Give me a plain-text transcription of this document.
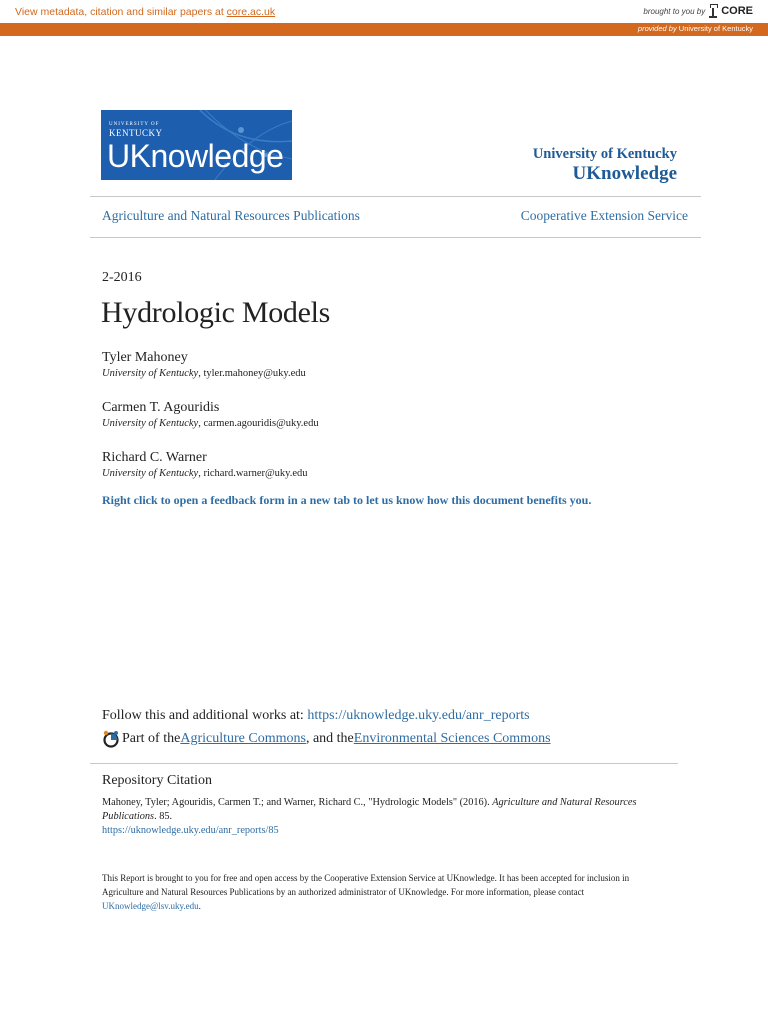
View metadata, citation and similar papers at core.ac.uk	brought to you by CORE
provided by University of Kentucky
UNIVERSITY OF
KENTUCKY
UKnowledge	University of Kentucky
UKnowledge
Agriculture and Natural Resources Publications	Cooperative Extension Service
2-2016
Hydrologic Models
Tyler Mahoney
University of Kentucky, tyler.mahoney@uky.edu
Carmen T. Agouridis
University of Kentucky, carmen.agouridis@uky.edu
Richard C. Warner
University of Kentucky, richard.warner@uky.edu
Right click to open a feedback form in a new tab to let us know how this document benefits you.
Follow this and additional works at: https://uknowledge.uky.edu/anr_reports
Part of the Agriculture Commons , and the Environmental Sciences Commons
Repository Citation
Mahoney, Tyler; Agouridis, Carmen T.; and Warner, Richard C., "Hydrologic Models" (2016). Agriculture and Natural Resources Publications. 85.
https://uknowledge.uky.edu/anr_reports/85
This Report is brought to you for free and open access by the Cooperative Extension Service at UKnowledge. It has been accepted for inclusion in Agriculture and Natural Resources Publications by an authorized administrator of UKnowledge. For more information, please contact
UKnowledge@lsv.uky.edu.
